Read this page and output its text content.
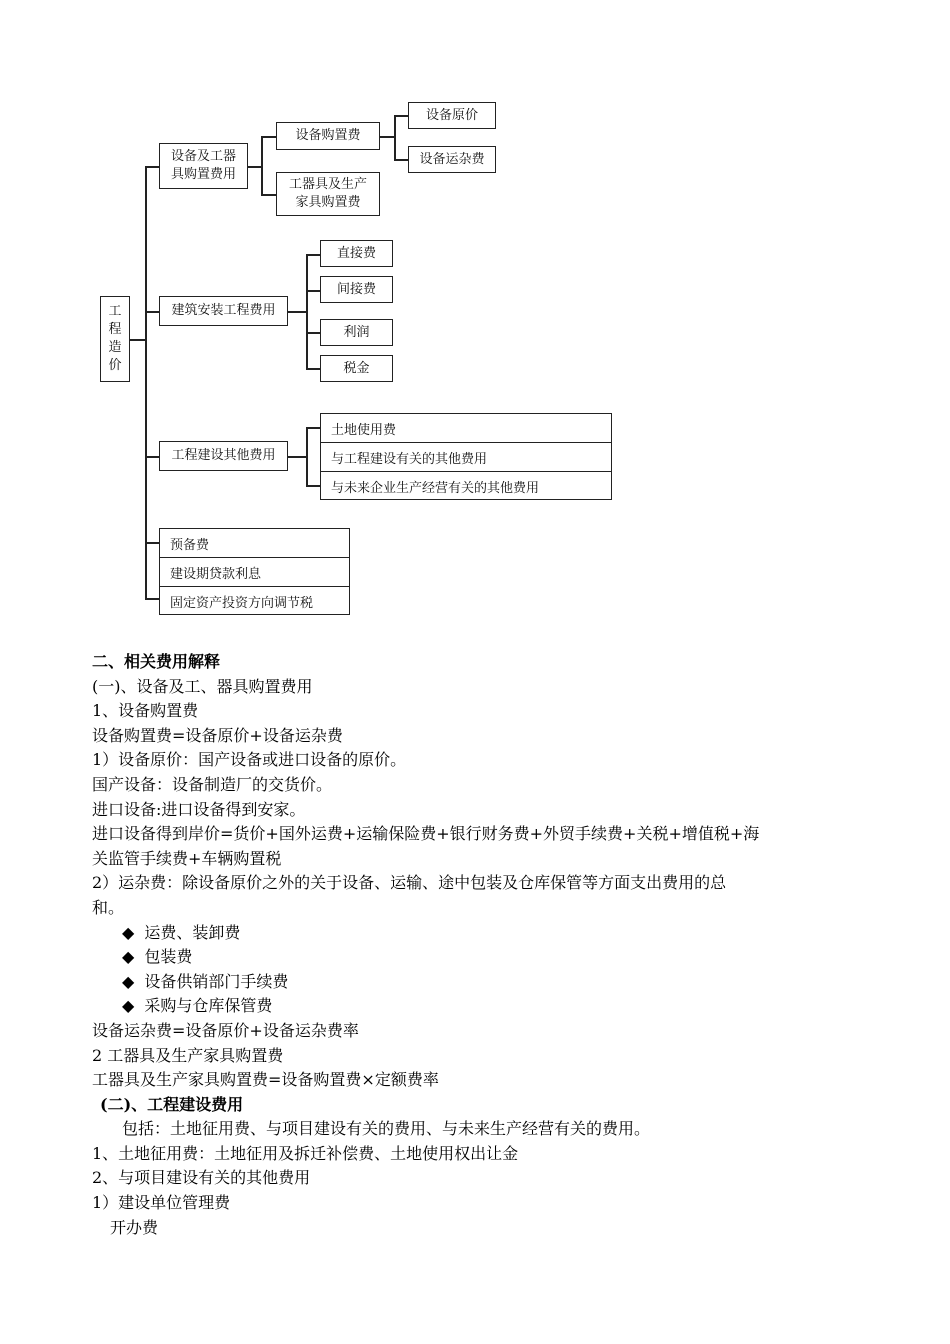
工
程
造
价
设备及工器具购置费用
建筑安装工程费用
工程建设其他费用
设备购置费
工器具及生产家具购置费
设备原价
设备运杂费
直接费
间接费
利润
税金
土地使用费
与工程建设有关的其他费用
与未来企业生产经营有关的其他费用
预备费
建设期贷款利息
固定资产投资方向调节税

二、相关费用解释

(一)、设备及工、器具购置费用

1、设备购置费

设备购置费=设备原价+设备运杂费

1）设备原价：国产设备或进口设备的原价。

国产设备：设备制造厂的交货价。

进口设备:进口设备得到安家。

进口设备得到岸价=货价+国外运费+运输保险费+银行财务费+外贸手续费+关税+增值税+海

关监管手续费+车辆购置税

2）运杂费：除设备原价之外的关于设备、运输、途中包装及仓库保管等方面支出费用的总

和。

◆ 运费、装卸费

◆ 包装费

◆ 设备供销部门手续费

◆ 采购与仓库保管费

设备运杂费=设备原价+设备运杂费率

2 工器具及生产家具购置费

工器具及生产家具购置费=设备购置费×定额费率

(二)、工程建设费用

包括：土地征用费、与项目建设有关的费用、与未来生产经营有关的费用。

1、土地征用费：土地征用及拆迁补偿费、土地使用权出让金

2、与项目建设有关的其他费用

1）建设单位管理费

开办费
